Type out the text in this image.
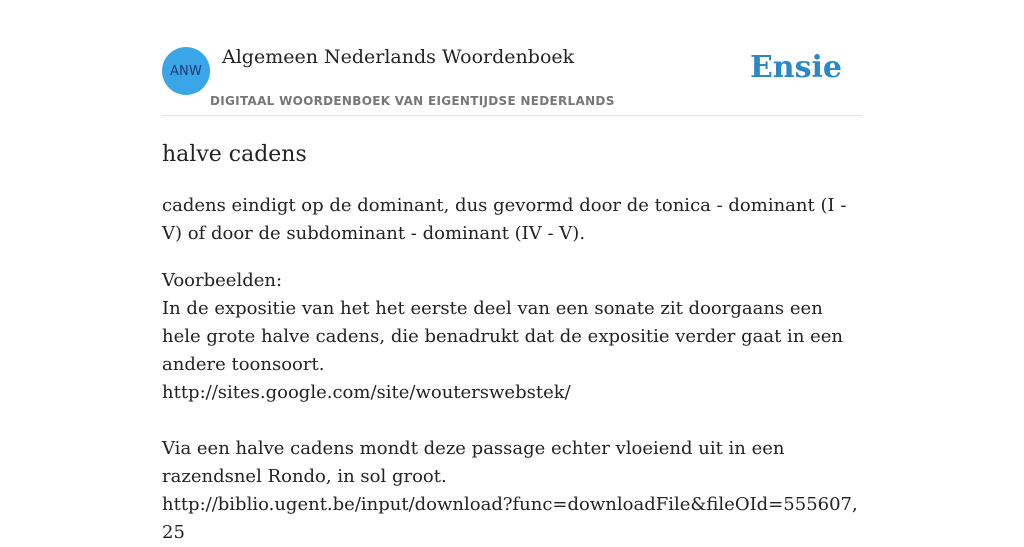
ANW
Algemeen Nederlands Woordenboek
DIGITAAL WOORDENBOEK VAN EIGENTIJDSE NEDERLANDS
Ensie
halve cadens

cadens eindigt op de dominant, dus gevormd door de tonica - dominant (I - V) of door de subdominant - dominant (IV - V).

Voorbeelden:
In de expositie van het het eerste deel van een sonate zit doorgaans een hele grote halve cadens, die benadrukt dat de expositie verder gaat in een andere toonsoort.
http://sites.google.com/site/wouterswebstek/
Via een halve cadens mondt deze passage echter vloeiend uit in een razendsnel Rondo, in sol groot.
http://biblio.ugent.be/input/download?func=downloadFile&fileOId=555607, 25
